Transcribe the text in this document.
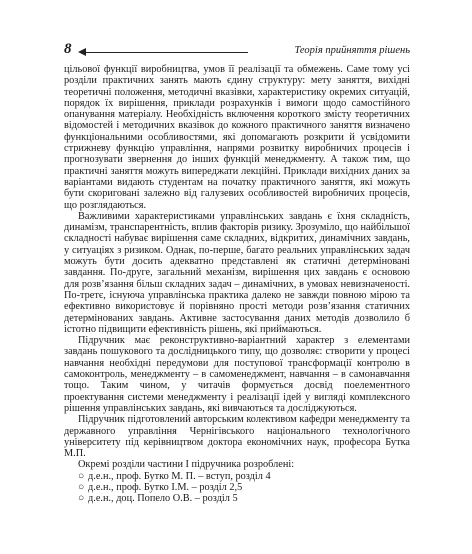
8	Теорія прийняття рішень

цільової функції виробництва, умов її реалізації та обмежень. Саме тому усі розділи практичних занять мають єдину структуру: мету заняття, вихідні теоретичні положення, методичні вказівки, характеристику окремих ситуацій, порядок їх вирішення, приклади розрахунків і вимоги щодо самостійного опанування матеріалу. Необхідність включення короткого змісту теоретичних відомостей і методичних вказівок до кожного практичного заняття визначено функціональними особливостями, які допомагають розкрити й усвідомити стрижневу функцію управління, напрями розвитку виробничих процесів і прогнозувати звернення до інших функцій менеджменту. А також тим, що практичні заняття можуть випереджати лекційні. Приклади вихідних даних за варіантами видають студентам на початку практичного заняття, які можуть бути скориговані залежно від галузевих особливостей виробничих процесів, що розглядаються.

Важливими характеристиками управлінських завдань є їхня складність, динамізм, транспарентність, вплив факторів ризику. Зрозуміло, що найбільшої складності набуває вирішення саме складних, відкритих, динамічних завдань, у ситуаціях з ризиком. Однак, по-перше, багато реальних управлінських задач можуть бути досить адекватно представлені як статичні детерміновані завдання. По-друге, загальний механізм, вирішення цих завдань є основою для розв’язання більш складних задач – динамічних, в умовах невизначеності. По-третє, існуюча управлінська практика далеко не завжди повною мірою та ефективно використовує й порівняно прості методи розв’язання статичних детермінованих завдань. Активне застосування даних методів дозволило б істотно підвищити ефективність рішень, які приймаються.

Підручник має реконструктивно-варіантний характер з елементами завдань пошукового та дослідницького типу, що дозволяє: створити у процесі навчання необхідні передумови для поступової трансформації контролю в самоконтроль, менеджменту – в самоменеджмент, навчання – в самонавчання тощо. Таким чином, у читачів формується досвід поелементного проектування системи менеджменту і реалізації ідей у вигляді комплексного рішення управлінських завдань, які вивчаються та досліджуються.

Підручник підготовлений авторським колективом кафедри менеджменту та державного управління Чернігівського національного технологічного університету під керівництвом доктора економічних наук, професора Бутка М.П.

Окремі розділи частини І підручника розроблені:

○ д.е.н., проф. Бутко М. П. – вступ, розділ 4
○ д.е.н., проф. Бутко І.М. – розділ 2,5
○ д.е.н., доц. Попело О.В. – розділ 5
